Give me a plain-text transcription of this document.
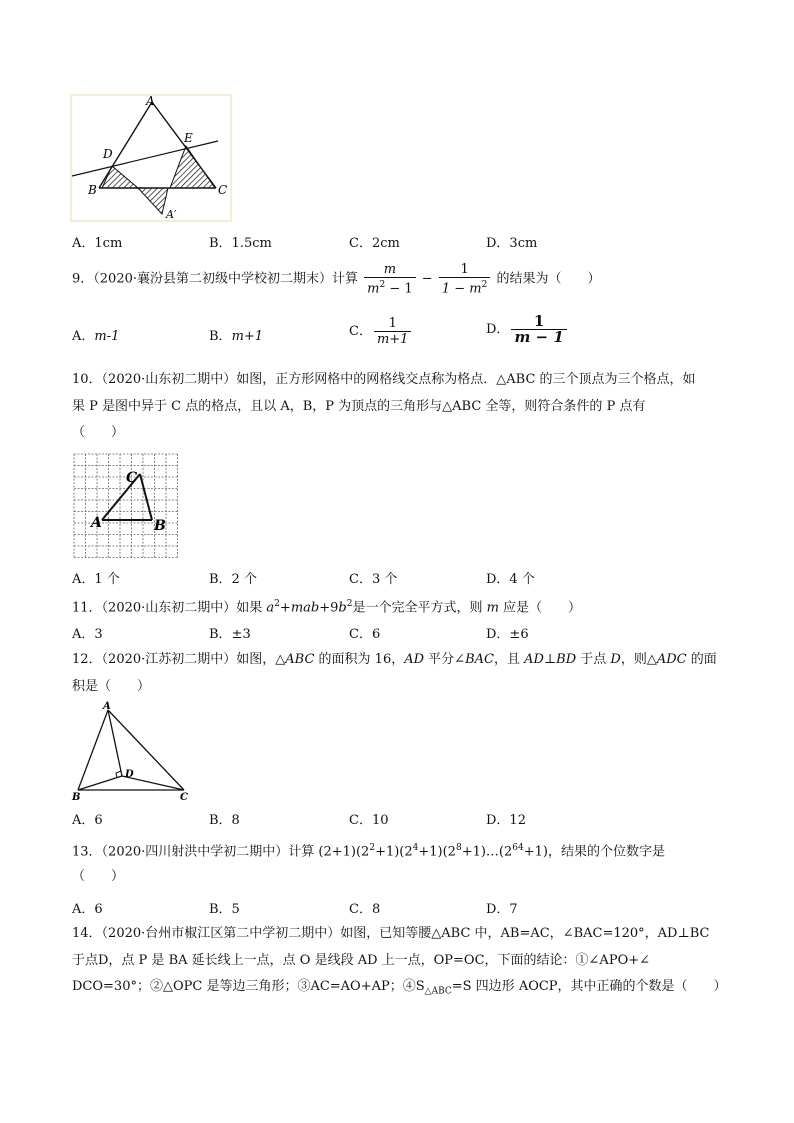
A
D
E
B	C
A′
A．1cm	B．1.5cm	C．2cm	D．3cm
9．（2020·襄汾县第二初级中学校初二期末）计算 $\frac{m}{m^2 - 1} - \frac{1}{1 - m^2}$ 的结果为（　　）
A．m-1	B．m+1	C． $\frac{1}{m+1}$	D． $\frac{1}{m - 1}$
10．（2020·山东初二期中）如图，正方形网格中的网格线交点称为格点．△ABC 的三个顶点为三个格点，如
果 P 是图中异于 C 点的格点，且以 A，B，P 为顶点的三角形与△ABC 全等，则符合条件的 P 点有
（　　）
A	B
C
A．1 个	B．2 个	C．3 个	D．4 个
11．（2020·山东初二期中）如果 $a^2+mab+9b^2$是一个完全平方式，则 m 应是（　　）
A．3	B．±3	C．6	D．±6
12．（2020·江苏初二期中）如图，△ABC 的面积为 16，AD 平分∠BAC，且 AD⊥BD 于点 D，则△ADC 的面
积是（　　）
A
B	C
D
A．6	B．8	C．10	D．12
13．（2020·四川射洪中学初二期中）计算 $(2+1)(2^2+1)(2^4+1)(2^8+1)\dots(2^{64}+1)$，结果的个位数字是
（　　）
A．6	B．5	C．8	D．7
14．（2020·台州市椒江区第二中学初二期中）如图，已知等腰△ABC 中，AB=AC，∠BAC=120°，AD⊥BC
于点D，点 P 是 BA 延长线上一点，点 O 是线段 AD 上一点，OP=OC，下面的结论：①∠APO+∠
DCO=30°；②△OPC 是等边三角形；③AC=AO+AP；$④S_{\triangle ABC}=S$ 四边形 AOCP，其中正确的个数是（　　）
